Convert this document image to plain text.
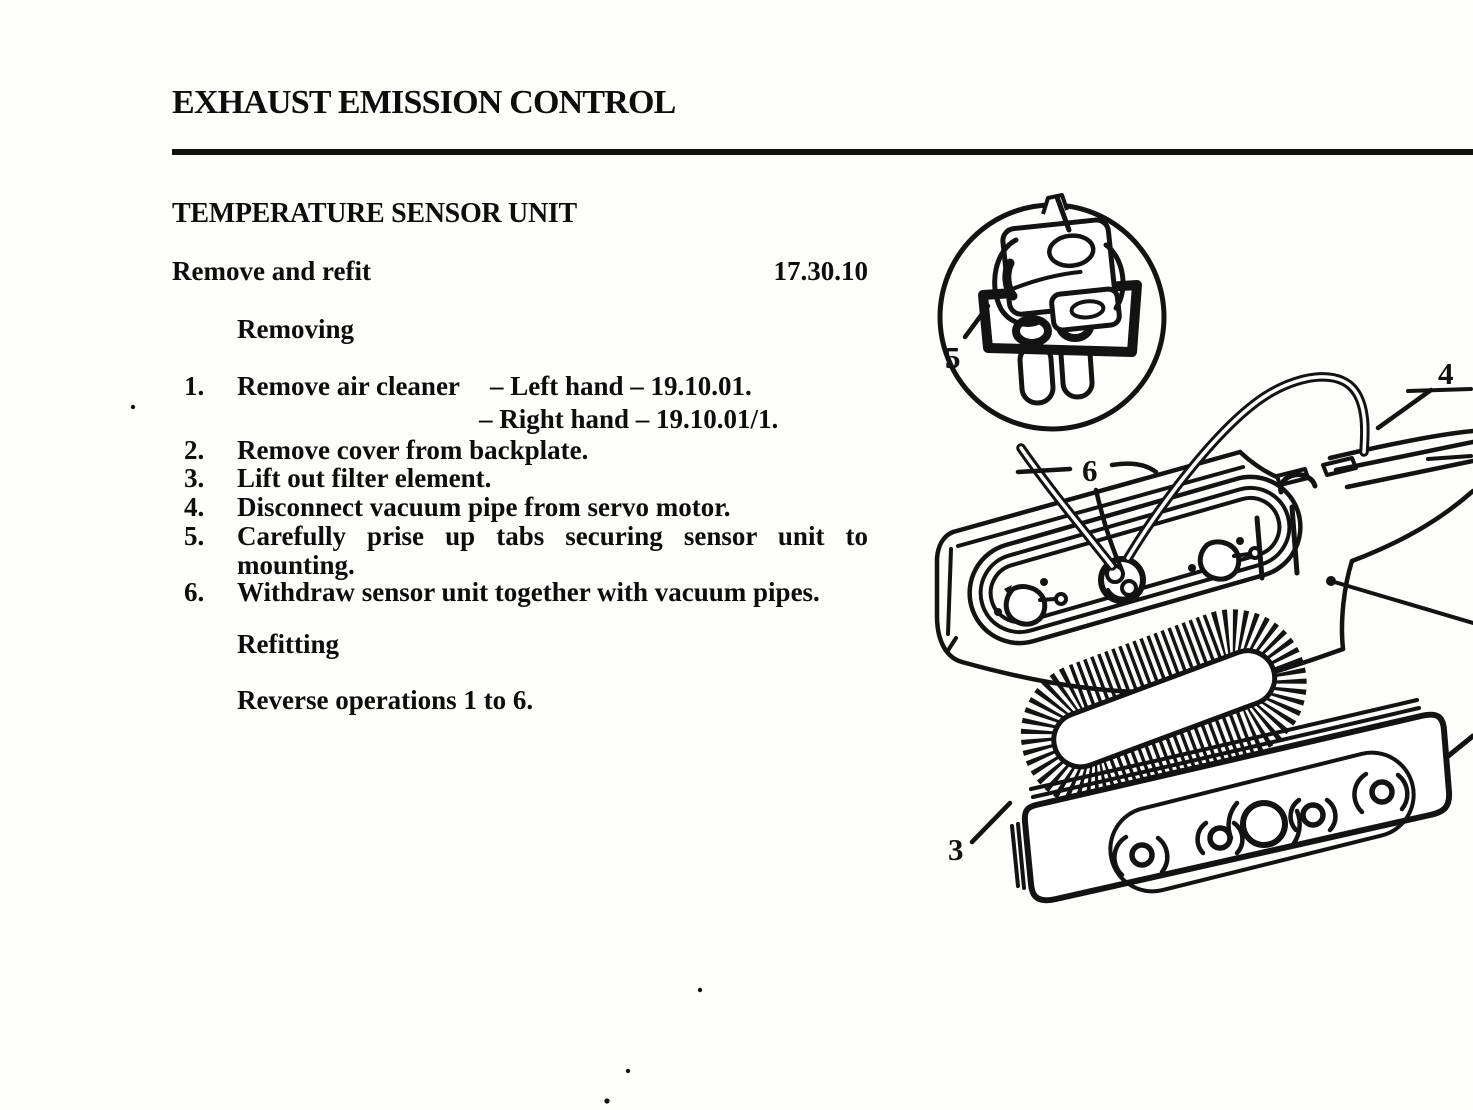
EXHAUST EMISSION CONTROL
TEMPERATURE SENSOR UNIT
Remove and refit	17.30.10
Removing
1. Remove air cleaner – Left hand – 19.10.01.
– Right hand – 19.10.01/1.
2. Remove cover from backplate.
3. Lift out filter element.
4. Disconnect vacuum pipe from servo motor.
5. Carefully prise up tabs securing sensor unit to
mounting.
6. Withdraw sensor unit together with vacuum pipes.
Refitting
Reverse operations 1 to 6.
5	4
6
3
